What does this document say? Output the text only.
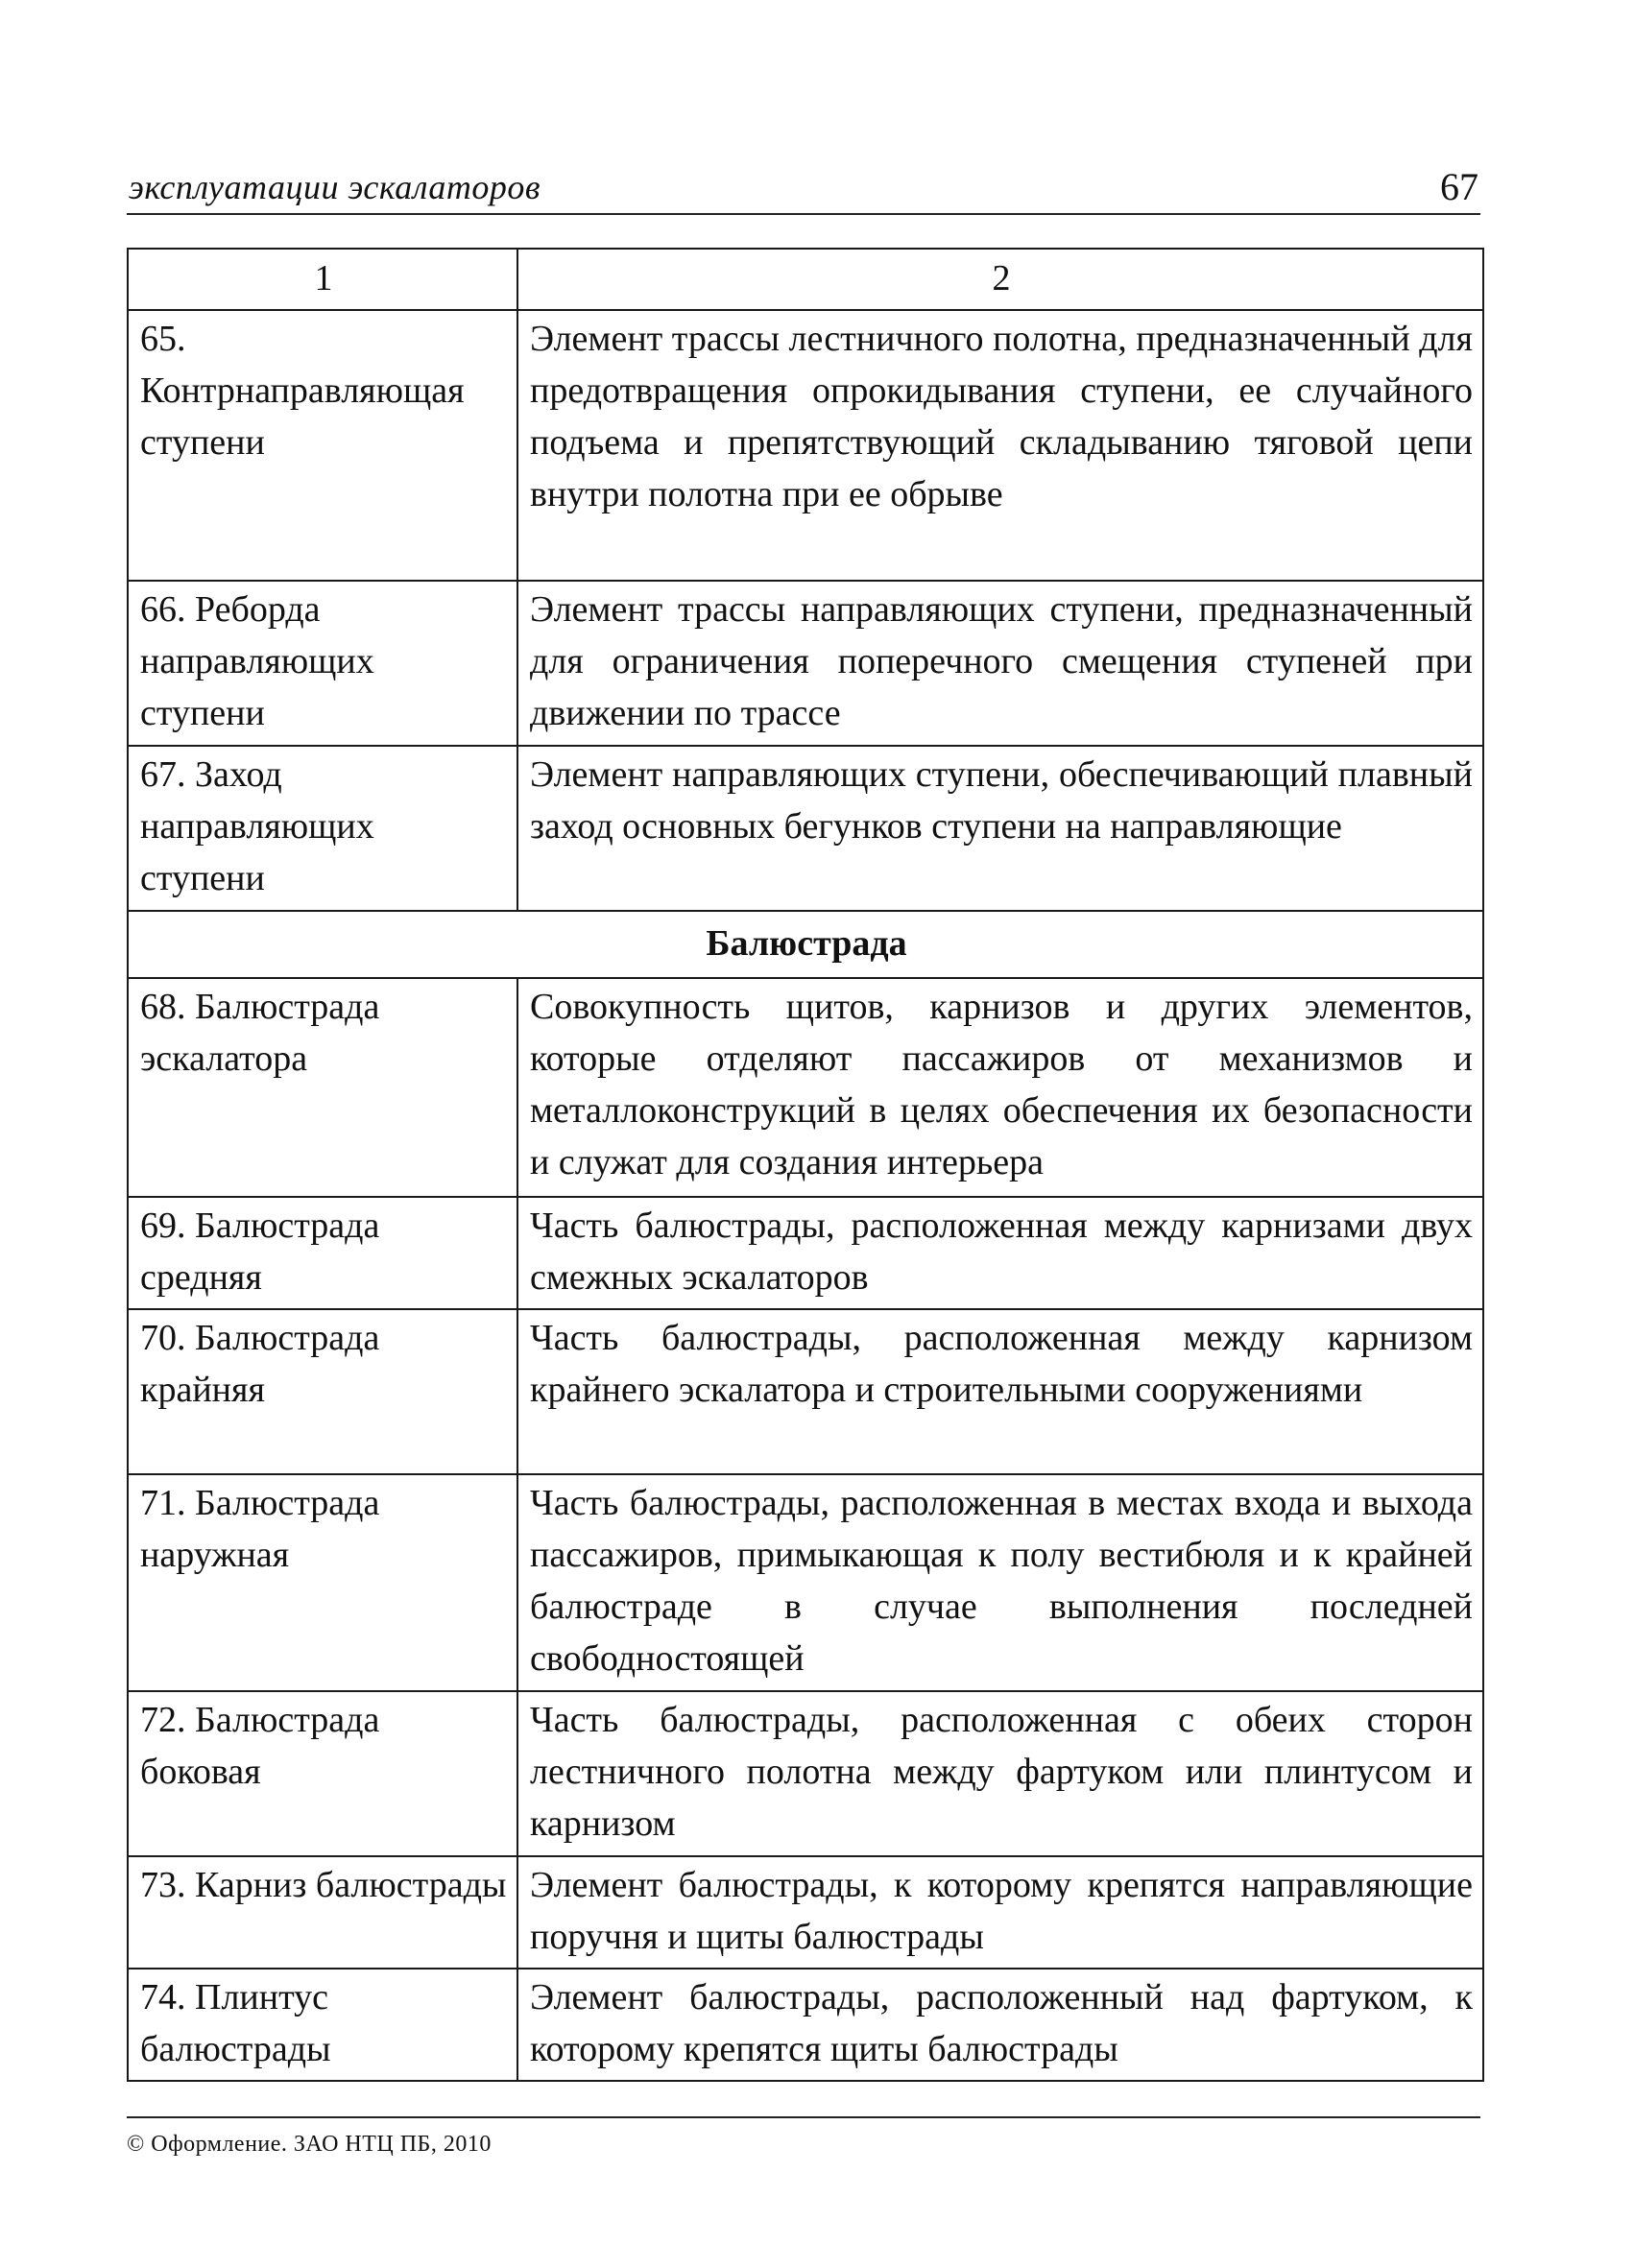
эксплуатации эскалаторов	67
1	2
65. Контрнаправляющая ступени	Элемент трассы лестничного полотна, предназначенный для предотвращения опрокидывания ступени, ее случайного подъема и препятствующий складыванию тяговой цепи внутри полотна при ее обрыве
66. Реборда направляющих ступени	Элемент трассы направляющих ступени, предназначенный для ограничения поперечного смещения ступеней при движении по трассе
67. Заход направляющих ступени	Элемент направляющих ступени, обеспечивающий плавный заход основных бегунков ступени на направляющие
Балюстрада	
68. Балюстрада эскалатора	Совокупность щитов, карнизов и других элементов, которые отделяют пассажиров от механизмов и металлоконструкций в целях обеспечения их безопасности и служат для создания интерьера
69. Балюстрада средняя	Часть балюстрады, расположенная между карнизами двух смежных эскалаторов
70. Балюстрада крайняя	Часть балюстрады, расположенная между карнизом крайнего эскалатора и строительными сооружениями
71. Балюстрада наружная	Часть балюстрады, расположенная в местах входа и выхода пассажиров, примыкающая к полу вестибюля и к крайней балюстраде в случае выполнения последней свободностоящей
72. Балюстрада боковая	Часть балюстрады, расположенная с обеих сторон лестничного полотна между фартуком или плинтусом и карнизом
73. Карниз балюстрады	Элемент балюстрады, к которому крепятся направляющие поручня и щиты балюстрады
74. Плинтус балюстрады	Элемент балюстрады, расположенный над фартуком, к которому крепятся щиты балюстрады
© Оформление. ЗАО НТЦ ПБ, 2010
